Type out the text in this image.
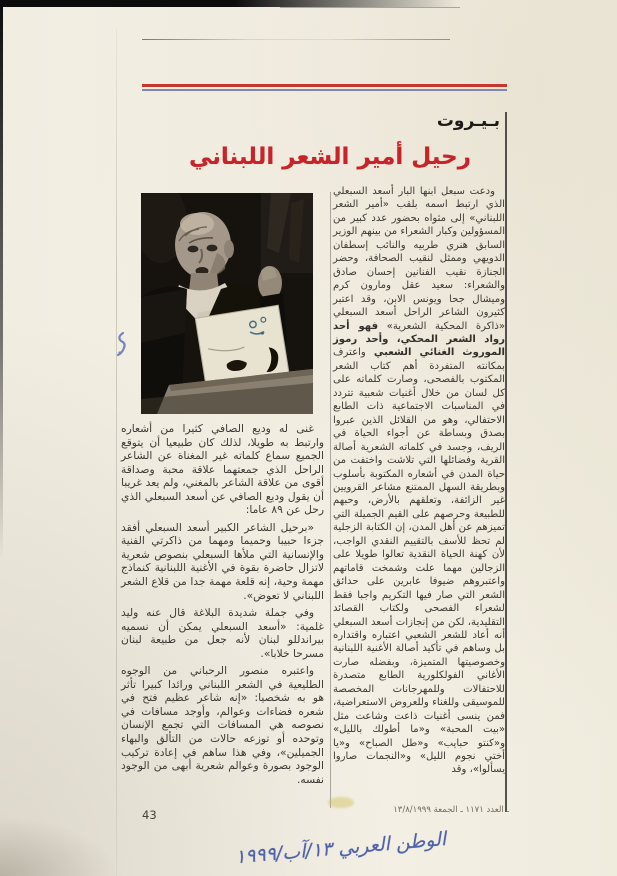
بـيـروت
رحيل أمير الشعر اللبناني

ودعت سبعل ابنها البار أسعد السبعلي الذي ارتبط اسمه بلقب «أمير الشعر اللبناني» إلى مثواه بحضور عدد كبير من المسؤولين وكبار الشعراء من بينهم الوزير السابق هنري طربيه والنائب إسطفان الدويهي وممثل لنقيب الصحافة، وحضر الجنازة نقيب الفنانين إحسان صادق والشعراء: سعيد عقل ومارون كرم وميشال جحا ويونس الابن، وقد اعتبر كثيرون الشاعر الراحل أسعد السبعلي «ذاكرة المحكية الشعرية» فهو أحد رواد الشعر المحكي، وأحد رموز الموروث الغنائي الشعبي واعترف بمكانته المتفردة أهم كتاب الشعر المكتوب بالفصحى، وصارت كلماته على كل لسان من خلال أغنيات شعبية تتردد في المناسبات الاجتماعية ذات الطابع الاحتفالي، وهو من القلائل الذين عبروا بصدق وبساطة عن أجواء الحياة في الريف، وجسد في كلماته الشعرية أصالة القرية وفضائلها التي تلاشت واختفت من حياة المدن في أشعاره المكتوبة بأسلوب وبطريقة السهل الممتنع مشاعر القرويين غير الزائفة، وتعلقهم بالأرض، وحبهم للطبيعة وحرصهم على القيم الجميلة التي تميزهم عن أهل المدن، إن الكتابة الزجلية لم تحظ للأسف بالتقييم النقدي الواجب، لأن كهنة الحياة النقدية تعالوا طويلا على الزجالين مهما علت وشمخت قاماتهم واعتبروهم ضيوفا عابرين على حدائق الشعر التي صار فيها التكريم واجبا فقط لشعراء الفصحى ولكتاب القصائد التقليدية، لكن من إنجازات أسعد السبعلي أنه أعاد للشعر الشعبي اعتباره واقتداره بل وساهم في تأكيد أصالة الأغنية اللبنانية وخصوصيتها المتميزة، وبفضله صارت الأغاني الفولكلورية الطابع متصدرة للاحتفالات وللمهرجانات المخصصة للموسيقى وللغناء وللعروض الاستعراضية، فمن ينسى أغنيات ذاعت وشاعت مثل «بيت المحبة» و«ما أطولك بالليل» و«كنتو حبايب» و«طل الصباح» و«يا أختي نجوم الليل» و«النجمات صاروا يسألوا»، وقد

غنى له وديع الصافي كثيرا من أشعاره وارتبط به طويلا، لذلك كان طبيعيا أن يتوقع الجميع سماع كلماته غير المغناة عن الشاعر الراحل الذي جمعتهما علاقة محبة وصداقة أقوى من علاقة الشاعر بالمغني، ولم يعد غريبا أن يقول وديع الصافي عن أسعد السبعلي الذي رحل عن ٨٩ عاما:

«برحيل الشاعر الكبير أسعد السبعلي أفقد جزءا حبيبا وحميما ومهما من ذاكرتي الفنية والإنسانية التي ملأها السبعلي بنصوص شعرية لاتزال حاضرة بقوة في الأغنية اللبنانية كنماذج مهمة وحية، إنه قلعة مهمة جدا من قلاع الشعر اللبناني لا تعوض».

وفي جملة شديدة البلاغة قال عنه وليد غلمية: «أسعد السبعلي يمكن أن نسميه بيراندللو لبنان لأنه جعل من طبيعة لبنان مسرحا خلابا».

واعتبره منصور الرحباني من الوجوه الطليعية في الشعر اللبناني ورائدا كبيرا تأثر هو به شخصيا: «إنه شاعر عظيم فتح في شعره فضاءات وعوالم، وأوجد مسافات في نصوصه هي المسافات التي تجمع الإنسان وتوحده أو توزعه حالات من التألق والبهاء الجميلين»، وفي هذا ساهم في إعادة تركيب الوجود بصورة وعوالم شعرية أبهى من الوجود نفسه.

ـ العدد ١١٧١ ـ الجمعة ١٣/٨/١٩٩٩
43
الوطن العربي ١٣/آب/١٩٩٩
